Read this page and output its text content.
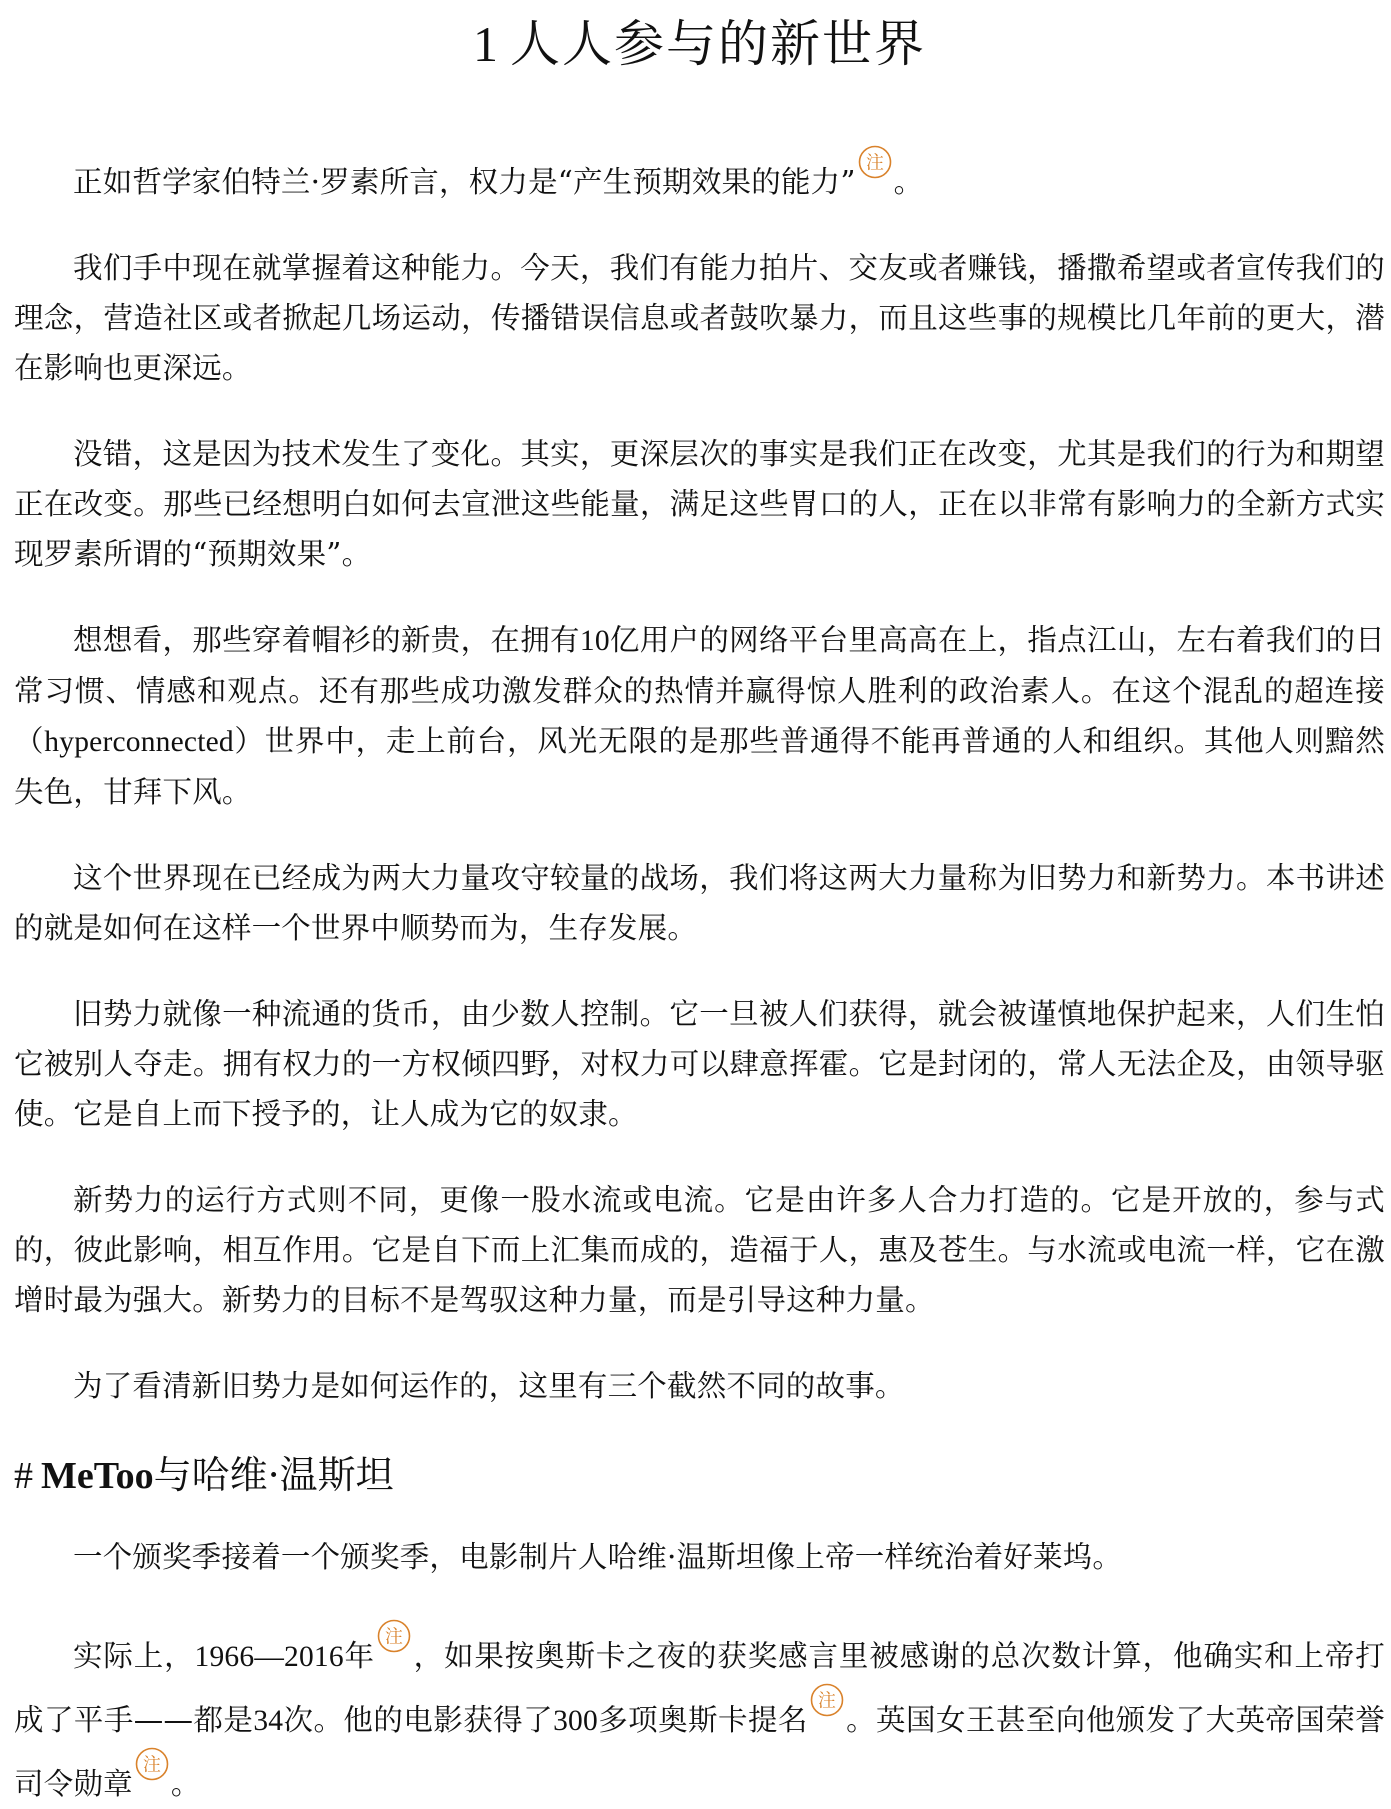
1 人人参与的新世界

正如哲学家伯特兰·罗素所言，权力是“产生预期效果的能力”
注
。

我们手中现在就掌握着这种能力。今天，我们有能力拍片、交友或者赚钱，播撒希望或者宣传我们的理念，营造社区或者掀起几场运动，传播错误信息或者鼓吹暴力，而且这些事的规模比几年前的更大，潜在影响也更深远。

没错，这是因为技术发生了变化。其实，更深层次的事实是我们正在改变，尤其是我们的行为和期望正在改变。那些已经想明白如何去宣泄这些能量，满足这些胃口的人，正在以非常有影响力的全新方式实现罗素所谓的“预期效果”。

想想看，那些穿着帽衫的新贵，在拥有10亿用户的网络平台里高高在上，指点江山，左右着我们的日常习惯、情感和观点。还有那些成功激发群众的热情并赢得惊人胜利的政治素人。在这个混乱的超连接（hyperconnected）世界中，走上前台，风光无限的是那些普通得不能再普通的人和组织。其他人则黯然失色，甘拜下风。

这个世界现在已经成为两大力量攻守较量的战场，我们将这两大力量称为旧势力和新势力。本书讲述的就是如何在这样一个世界中顺势而为，生存发展。

旧势力就像一种流通的货币，由少数人控制。它一旦被人们获得，就会被谨慎地保护起来，人们生怕它被别人夺走。拥有权力的一方权倾四野，对权力可以肆意挥霍。它是封闭的，常人无法企及，由领导驱使。它是自上而下授予的，让人成为它的奴隶。

新势力的运行方式则不同，更像一股水流或电流。它是由许多人合力打造的。它是开放的，参与式的，彼此影响，相互作用。它是自下而上汇集而成的，造福于人，惠及苍生。与水流或电流一样，它在激增时最为强大。新势力的目标不是驾驭这种力量，而是引导这种力量。

为了看清新旧势力是如何运作的，这里有三个截然不同的故事。

# MeToo与哈维·温斯坦

一个颁奖季接着一个颁奖季，电影制片人哈维·温斯坦像上帝一样统治着好莱坞。

实际上，1966—2016年
注
，如果按奥斯卡之夜的获奖感言里被感谢的总次数计算，他确实和上帝打成了平手——都是34次。他的电影获得了300多项奥斯卡提名
注
。英国女王甚至向他颁发了大英帝国荣誉司令勋章
注
。
